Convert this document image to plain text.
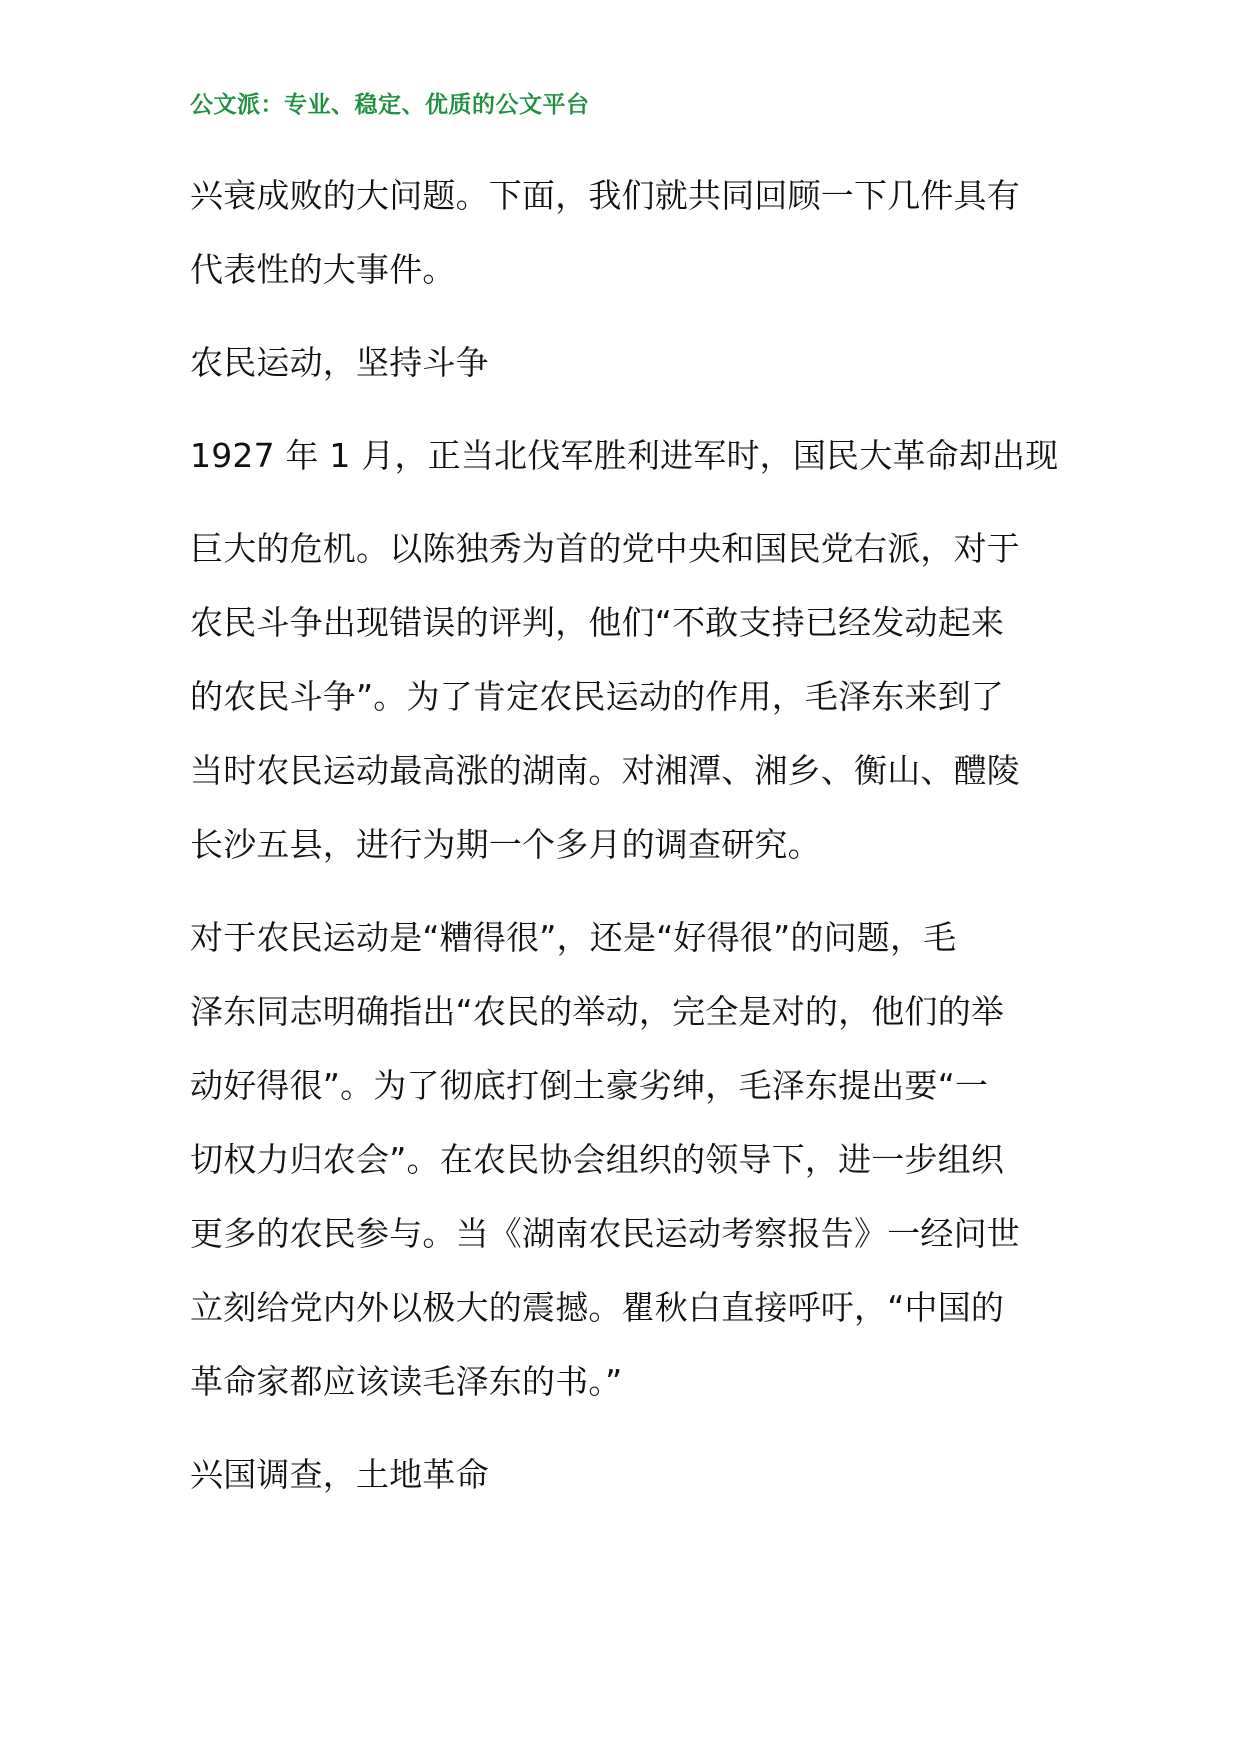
公文派：专业、稳定、优质的公文平台
兴衰成败的大问题。下面，我们就共同回顾一下几件具有
代表性的大事件。
农民运动，坚持斗争
1927 年 1 月，正当北伐军胜利进军时，国民大革命却出现
巨大的危机。以陈独秀为首的党中央和国民党右派，对于
农民斗争出现错误的评判，他们“不敢支持已经发动起来
的农民斗争”。为了肯定农民运动的作用，毛泽东来到了
当时农民运动最高涨的湖南。对湘潭、湘乡、衡山、醴陵
长沙五县，进行为期一个多月的调查研究。
对于农民运动是“糟得很”，还是“好得很”的问题，毛
泽东同志明确指出“农民的举动，完全是对的，他们的举
动好得很”。为了彻底打倒土豪劣绅，毛泽东提出要“一
切权力归农会”。在农民协会组织的领导下，进一步组织
更多的农民参与。当《湖南农民运动考察报告》一经问世
立刻给党内外以极大的震撼。瞿秋白直接呼吁，“中国的
革命家都应该读毛泽东的书。”
兴国调查，土地革命
